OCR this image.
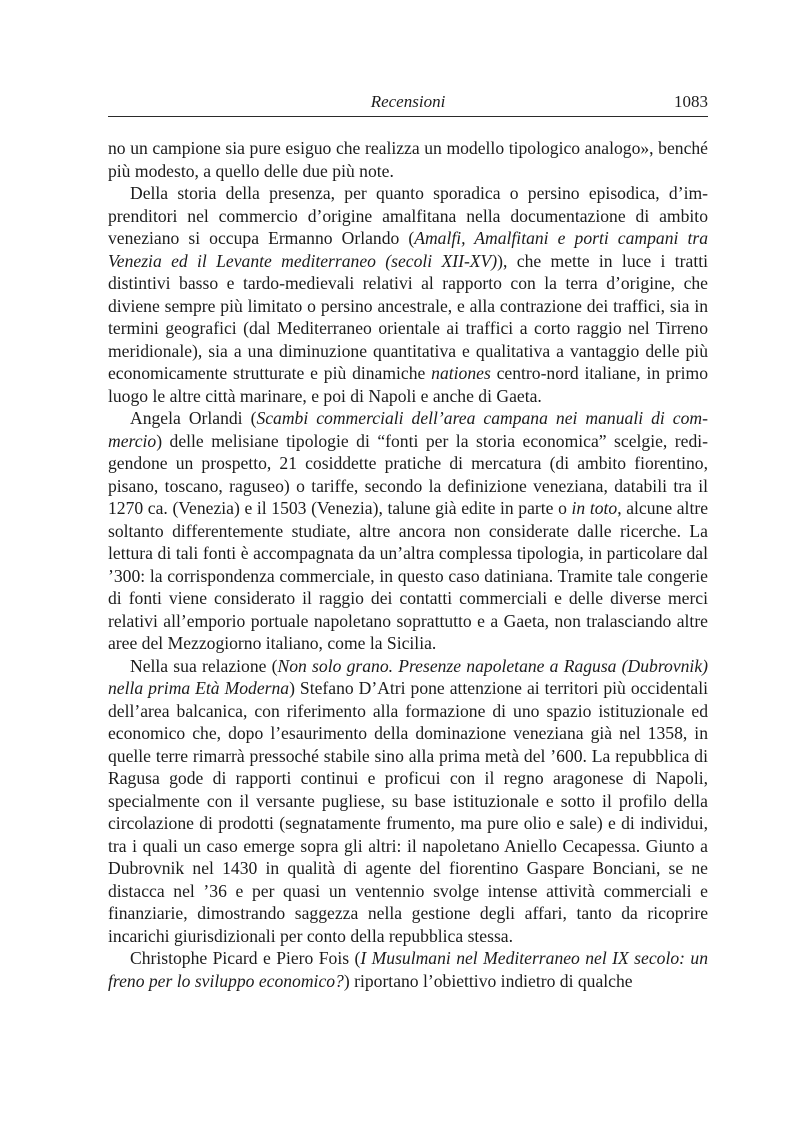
Recensioni	1083

no un campione sia pure esiguo che realizza un modello tipologico analogo», benché più modesto, a quello delle due più note.

Della storia della presenza, per quanto sporadica o persino episodica, d’imprenditori nel commercio d’origine amalfitana nella documentazione di ambito veneziano si occupa Ermanno Orlando (Amalfi, Amalfitani e porti campani tra Venezia ed il Levante mediterraneo (secoli XII-XV)), che mette in luce i tratti distintivi basso e tardo-medievali relativi al rapporto con la terra d’origine, che diviene sempre più limitato o persino ancestrale, e alla contrazione dei traffici, sia in termini geografici (dal Mediterraneo orientale ai traffici a corto raggio nel Tirreno meridionale), sia a una diminuzione quantitativa e qualitativa a vantaggio delle più economicamente strutturate e più dinamiche nationes centro-nord italiane, in primo luogo le altre città marinare, e poi di Napoli e anche di Gaeta.

Angela Orlandi (Scambi commerciali dell’area campana nei manuali di commercio) delle melisiane tipologie di “fonti per la storia economica” scelgie, redigendone un prospetto, 21 cosiddette pratiche di mercatura (di ambito fiorentino, pisano, toscano, raguseo) o tariffe, secondo la definizione veneziana, databili tra il 1270 ca. (Venezia) e il 1503 (Venezia), talune già edite in parte o in toto, alcune altre soltanto differentemente studiate, altre ancora non considerate dalle ricerche. La lettura di tali fonti è accompagnata da un’altra complessa tipologia, in particolare dal ’300: la corrispondenza commerciale, in questo caso datiniana. Tramite tale congerie di fonti viene considerato il raggio dei contatti commerciali e delle diverse merci relativi all’emporio portuale napoletano soprattutto e a Gaeta, non tralasciando altre aree del Mezzogiorno italiano, come la Sicilia.

Nella sua relazione (Non solo grano. Presenze napoletane a Ragusa (Dubrovnik) nella prima Età Moderna) Stefano D’Atri pone attenzione ai territori più occidentali dell’area balcanica, con riferimento alla formazione di uno spazio istituzionale ed economico che, dopo l’esaurimento della dominazione veneziana già nel 1358, in quelle terre rimarrà pressoché stabile sino alla prima metà del ’600. La repubblica di Ragusa gode di rapporti continui e proficui con il regno aragonese di Napoli, specialmente con il versante pugliese, su base istituzionale e sotto il profilo della circolazione di prodotti (segnatamente frumento, ma pure olio e sale) e di individui, tra i quali un caso emerge sopra gli altri: il napoletano Aniello Cecapessa. Giunto a Dubrovnik nel 1430 in qualità di agente del fiorentino Gaspare Bonciani, se ne distacca nel ’36 e per quasi un ventennio svolge intense attività commerciali e finanziarie, dimostrando saggezza nella gestione degli affari, tanto da ricoprire incarichi giurisdizionali per conto della repubblica stessa.

Christophe Picard e Piero Fois (I Musulmani nel Mediterraneo nel IX secolo: un freno per lo sviluppo economico?) riportano l’obiettivo indietro di qualche
